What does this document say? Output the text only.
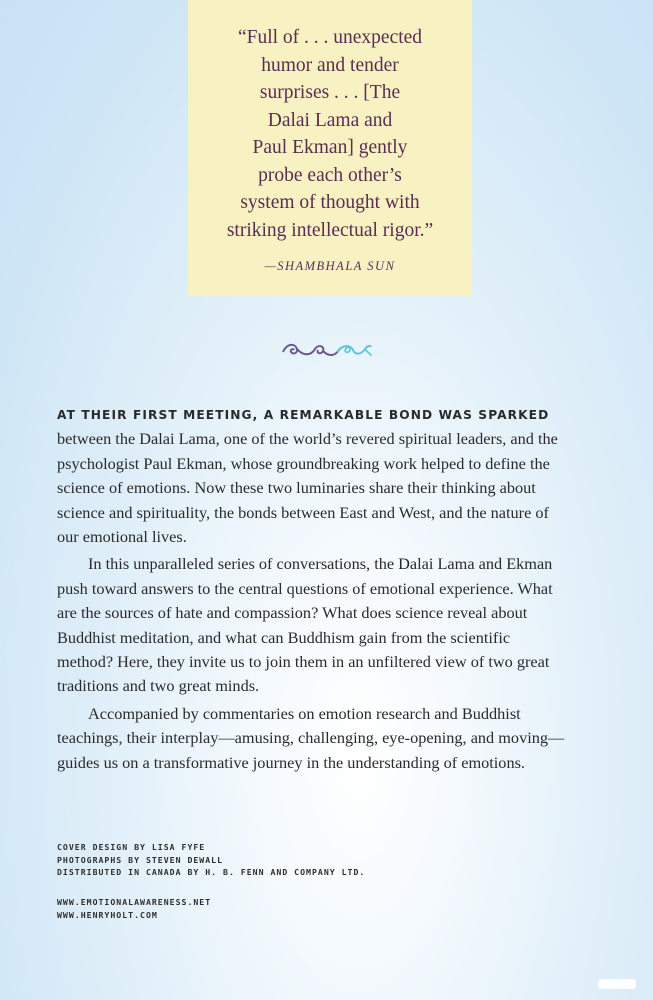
“Full of . . . unexpected
humor and tender
surprises . . . [The
Dalai Lama and
Paul Ekman] gently
probe each other’s
system of thought with
striking intellectual rigor.”
—SHAMBHALA SUN

AT THEIR FIRST MEETING, A REMARKABLE BOND WAS SPARKED
between the Dalai Lama, one of the world’s revered spiritual leaders, and the
psychologist Paul Ekman, whose groundbreaking work helped to define the
science of emotions. Now these two luminaries share their thinking about
science and spirituality, the bonds between East and West, and the nature of
our emotional lives.

In this unparalleled series of conversations, the Dalai Lama and Ekman
push toward answers to the central questions of emotional experience. What
are the sources of hate and compassion? What does science reveal about
Buddhist meditation, and what can Buddhism gain from the scientific
method? Here, they invite us to join them in an unfiltered view of two great
traditions and two great minds.

Accompanied by commentaries on emotion research and Buddhist
teachings, their interplay—amusing, challenging, eye-opening, and moving—
guides us on a transformative journey in the understanding of emotions.

COVER DESIGN BY LISA FYFE
PHOTOGRAPHS BY STEVEN DEWALL
DISTRIBUTED IN CANADA BY H. B. FENN AND COMPANY LTD.
WWW.EMOTIONALAWARENESS.NET
WWW.HENRYHOLT.COM
